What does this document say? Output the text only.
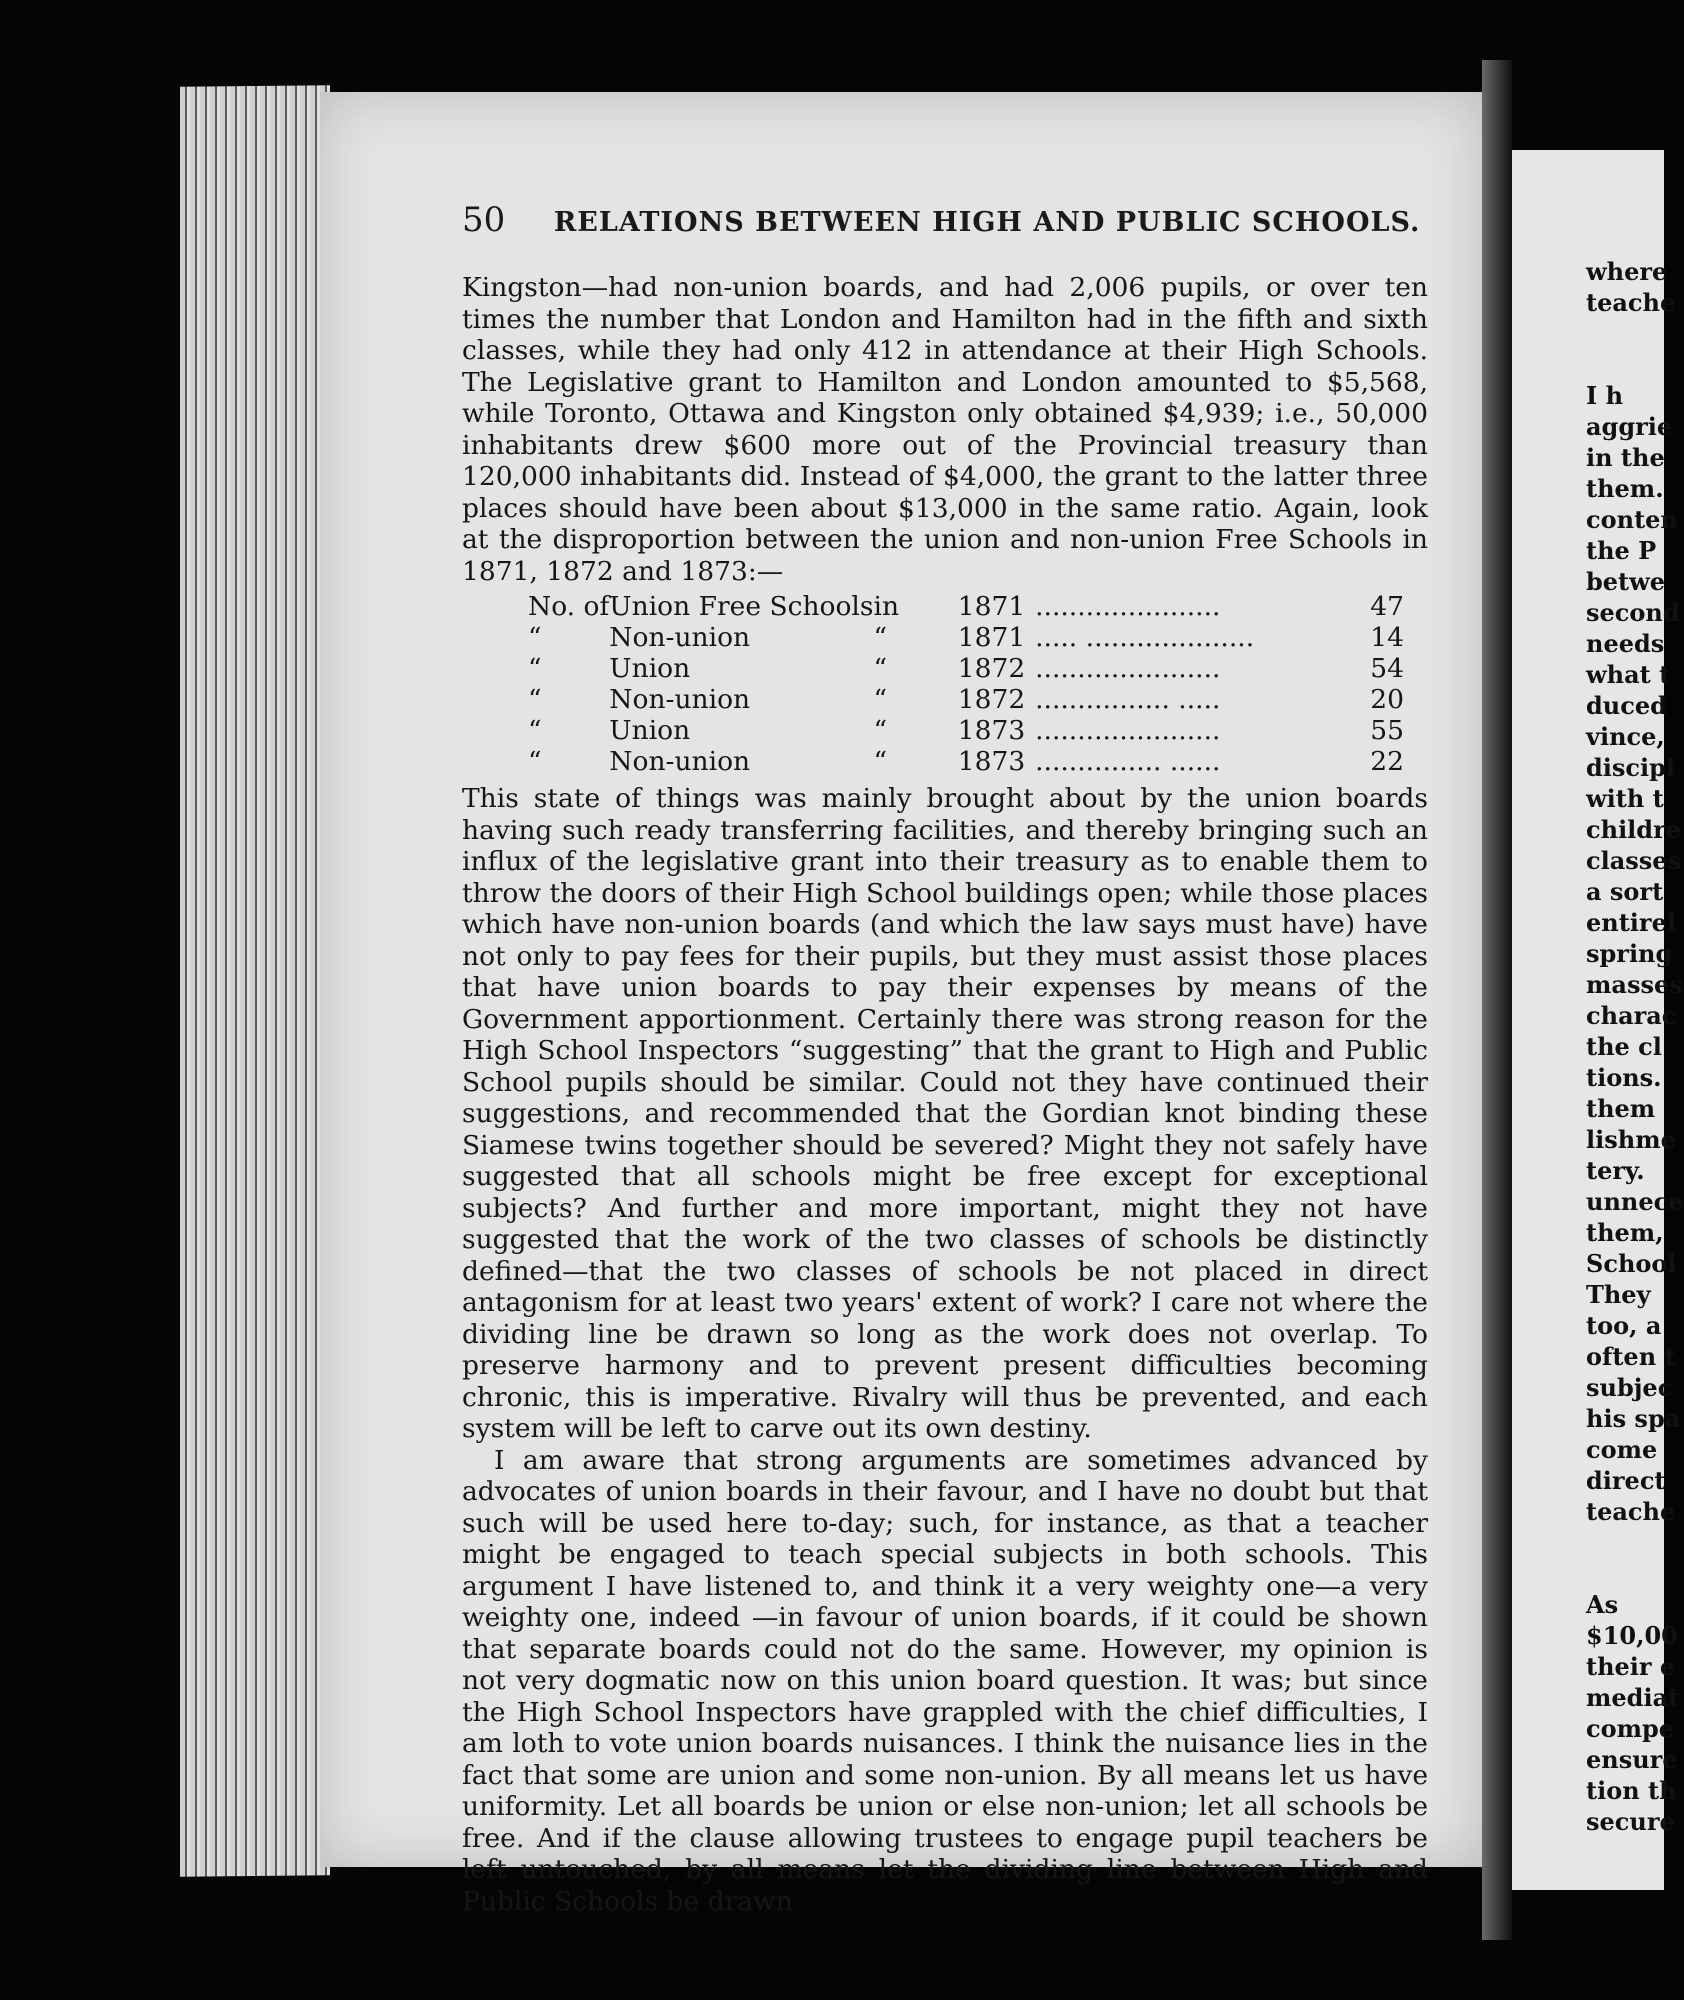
50 RELATIONS BETWEEN HIGH AND PUBLIC SCHOOLS.

Kingston—had non-union boards, and had 2,006 pupils, or over ten times the number that London and Hamilton had in the fifth and sixth classes, while they had only 412 in attendance at their High Schools. The Legislative grant to Hamilton and London amounted to $5,568, while Toronto, Ottawa and Kingston only obtained $4,939; i.e., 50,000 inhabitants drew $600 more out of the Provincial treasury than 120,000 inhabitants did. Instead of $4,000, the grant to the latter three places should have been about $13,000 in the same ratio. Again, look at the disproportion between the union and non-union Free Schools in 1871, 1872 and 1873:—

No. of	Union Free Schools	in	1871	......................	47
“	Non-union	“	1871	..... ....................	14
“	Union	“	1872	......................	54
“	Non-union	“	1872	................ .....	20
“	Union	“	1873	......................	55
“	Non-union	“	1873	............... ......	22

This state of things was mainly brought about by the union boards having such ready transferring facilities, and thereby bringing such an influx of the legislative grant into their treasury as to enable them to throw the doors of their High School buildings open; while those places which have non-union boards (and which the law says must have) have not only to pay fees for their pupils, but they must assist those places that have union boards to pay their expenses by means of the Government apportionment. Certainly there was strong reason for the High School Inspectors “suggesting” that the grant to High and Public School pupils should be similar. Could not they have continued their suggestions, and recommended that the Gordian knot binding these Siamese twins together should be severed? Might they not safely have suggested that all schools might be free except for exceptional subjects? And further and more important, might they not have suggested that the work of the two classes of schools be distinctly defined—that the two classes of schools be not placed in direct antagonism for at least two years' extent of work? I care not where the dividing line be drawn so long as the work does not overlap. To preserve harmony and to prevent present difficulties becoming chronic, this is imperative. Rivalry will thus be prevented, and each system will be left to carve out its own destiny.

I am aware that strong arguments are sometimes advanced by advocates of union boards in their favour, and I have no doubt but that such will be used here to-day; such, for instance, as that a teacher might be engaged to teach special subjects in both schools. This argument I have listened to, and think it a very weighty one—a very weighty one, indeed —in favour of union boards, if it could be shown that separate boards could not do the same. However, my opinion is not very dogmatic now on this union board question. It was; but since the High School Inspectors have grappled with the chief difficulties, I am loth to vote union boards nuisances. I think the nuisance lies in the fact that some are union and some non-union. By all means let us have uniformity. Let all boards be union or else non-union; let all schools be free. And if the clause allowing trustees to engage pupil teachers be left untouched, by all means let the dividing line between High and Public Schools be drawn

where
teache
I h
aggrie
in the
them.
conten
the P
betwe
second
needs
what t
duced
vince,
discipl
with t
childre
classes
a sort
entirel
spring
masses
charac
the cl
tions.
them
lishme
tery.
unnece
them,
School
They
too, a
often t
subjec
his spa
come
direct
teache
As
$10,00
their e
mediat
compe
ensure
tion th
secure
